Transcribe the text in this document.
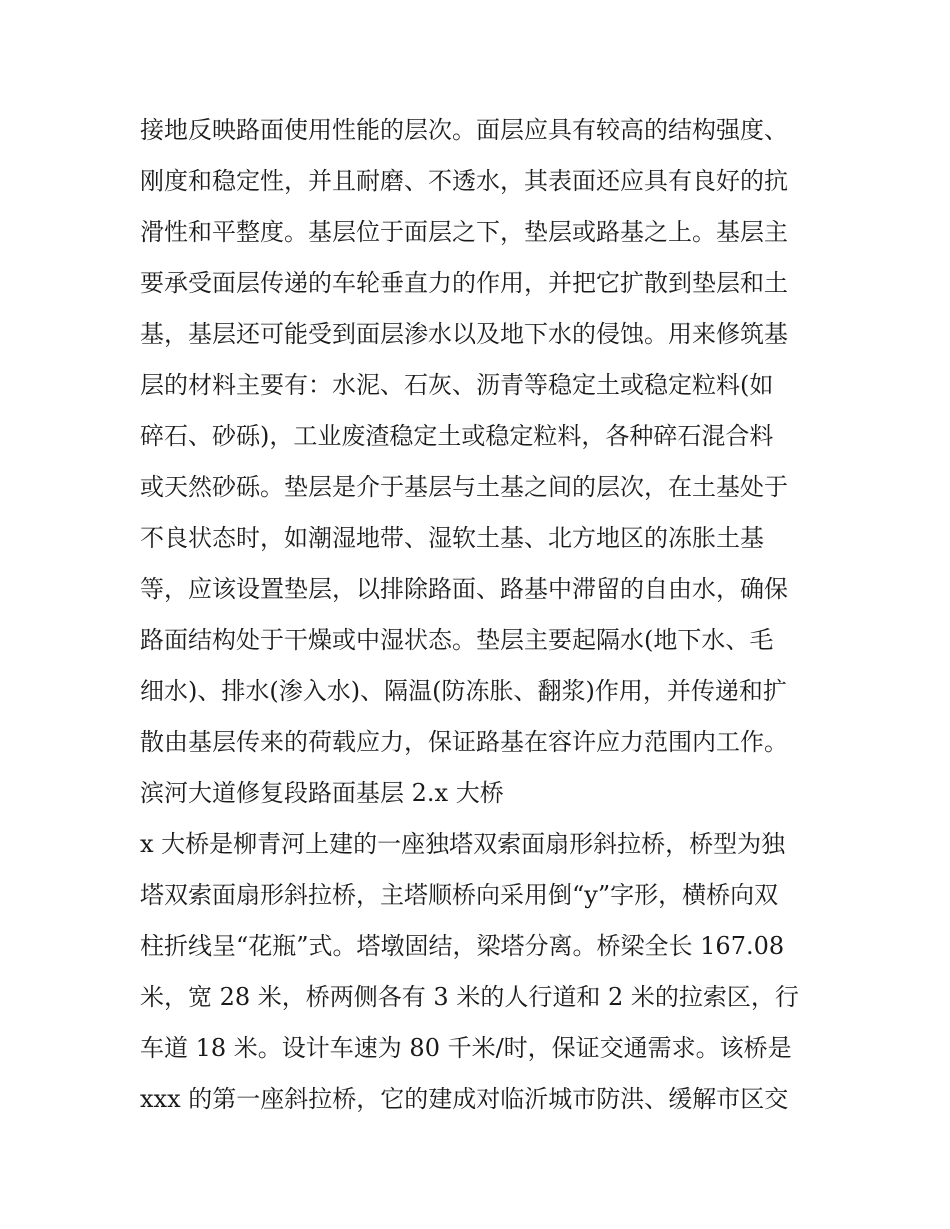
接地反映路面使用性能的层次。面层应具有较高的结构强度、
刚度和稳定性，并且耐磨、不透水，其表面还应具有良好的抗
滑性和平整度。基层位于面层之下，垫层或路基之上。基层主
要承受面层传递的车轮垂直力的作用，并把它扩散到垫层和土
基，基层还可能受到面层渗水以及地下水的侵蚀。用来修筑基
层的材料主要有：水泥、石灰、沥青等稳定土或稳定粒料(如
碎石、砂砾)，工业废渣稳定土或稳定粒料，各种碎石混合料
或天然砂砾。垫层是介于基层与土基之间的层次，在土基处于
不良状态时，如潮湿地带、湿软土基、北方地区的冻胀土基
等，应该设置垫层，以排除路面、路基中滞留的自由水，确保
路面结构处于干燥或中湿状态。垫层主要起隔水(地下水、毛
细水)、排水(渗入水)、隔温(防冻胀、翻浆)作用，并传递和扩
散由基层传来的荷载应力，保证路基在容许应力范围内工作。
滨河大道修复段路面基层 2.x 大桥
x 大桥是柳青河上建的一座独塔双索面扇形斜拉桥，桥型为独
塔双索面扇形斜拉桥，主塔顺桥向采用倒“y”字形，横桥向双
柱折线呈“花瓶”式。塔墩固结，梁塔分离。桥梁全长 167.08
米，宽 28 米，桥两侧各有 3 米的人行道和 2 米的拉索区，行
车道 18 米。设计车速为 80 千米/时，保证交通需求。该桥是
xxx 的第一座斜拉桥，它的建成对临沂城市防洪、缓解市区交
